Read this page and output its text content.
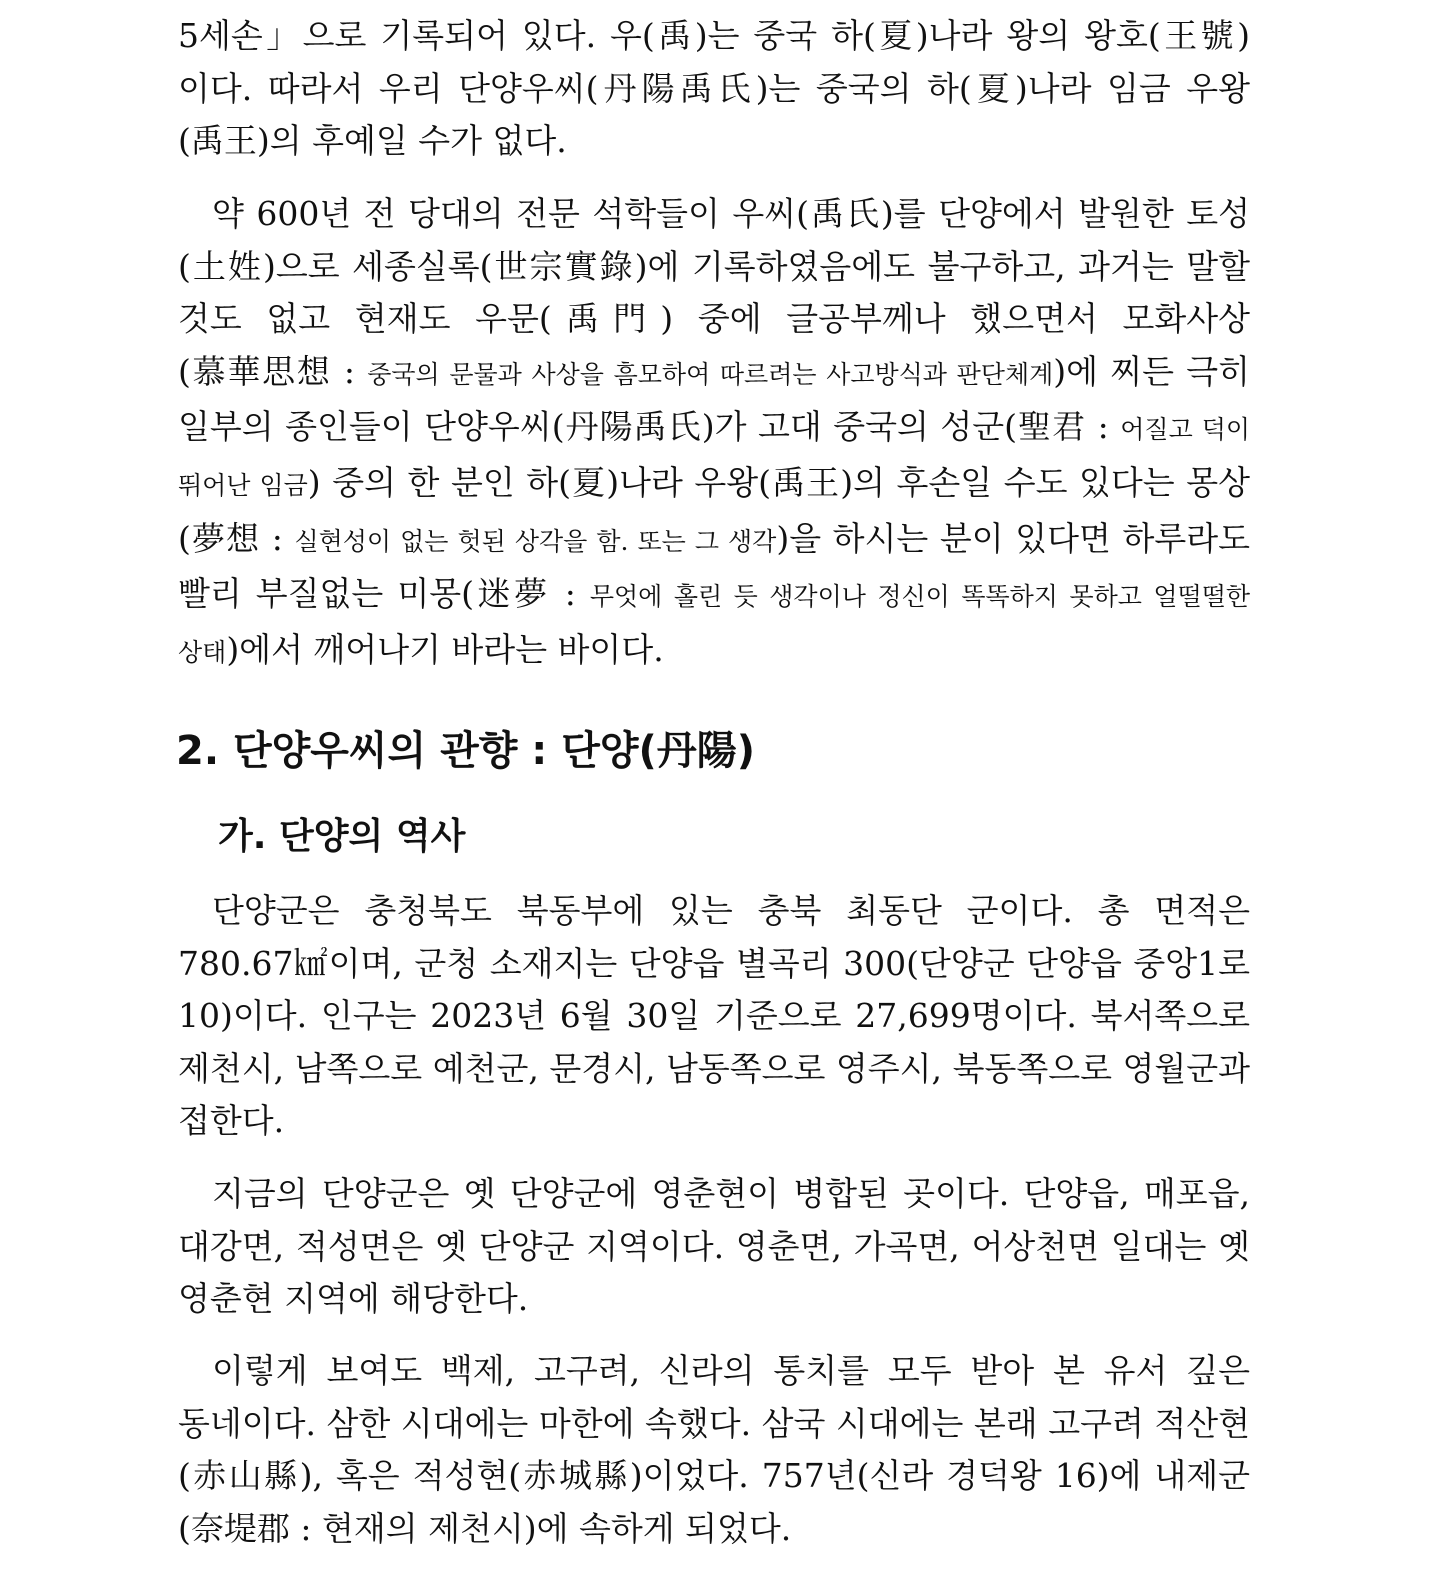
5세손」으로 기록되어 있다. 우(禹)는 중국 하(夏)나라 왕의 왕호(王號)이다. 따라서 우리 단양우씨(丹陽禹氏)는 중국의 하(夏)나라 임금 우왕(禹王)의 후예일 수가 없다.

약 600년 전 당대의 전문 석학들이 우씨(禹氏)를 단양에서 발원한 토성(土姓)으로 세종실록(世宗實錄)에 기록하였음에도 불구하고, 과거는 말할 것도 없고 현재도 우문(禹門) 중에 글공부께나 했으면서 모화사상(慕華思想 : 중국의 문물과 사상을 흠모하여 따르려는 사고방식과 판단체계)에 찌든 극히 일부의 종인들이 단양우씨(丹陽禹氏)가 고대 중국의 성군(聖君 : 어질고 덕이 뛰어난 임금) 중의 한 분인 하(夏)나라 우왕(禹王)의 후손일 수도 있다는 몽상(夢想 : 실현성이 없는 헛된 상각을 함. 또는 그 생각)을 하시는 분이 있다면 하루라도 빨리 부질없는 미몽(迷夢 : 무엇에 홀린 듯 생각이나 정신이 똑똑하지 못하고 얼떨떨한 상태)에서 깨어나기 바라는 바이다.

2. 단양우씨의 관향 : 단양(丹陽)
가. 단양의 역사

단양군은 충청북도 북동부에 있는 충북 최동단 군이다. 총 면적은 780.67㎢이며, 군청 소재지는 단양읍 별곡리 300(단양군 단양읍 중앙1로 10)이다. 인구는 2023년 6월 30일 기준으로 27,699명이다. 북서쪽으로 제천시, 남쪽으로 예천군, 문경시, 남동쪽으로 영주시, 북동쪽으로 영월군과 접한다.

지금의 단양군은 옛 단양군에 영춘현이 병합된 곳이다. 단양읍, 매포읍, 대강면, 적성면은 옛 단양군 지역이다. 영춘면, 가곡면, 어상천면 일대는 옛 영춘현 지역에 해당한다.

이렇게 보여도 백제, 고구려, 신라의 통치를 모두 받아 본 유서 깊은 동네이다. 삼한 시대에는 마한에 속했다. 삼국 시대에는 본래 고구려 적산현(赤山縣), 혹은 적성현(赤城縣)이었다. 757년(신라 경덕왕 16)에 내제군(奈堤郡 : 현재의 제천시)에 속하게 되었다.
